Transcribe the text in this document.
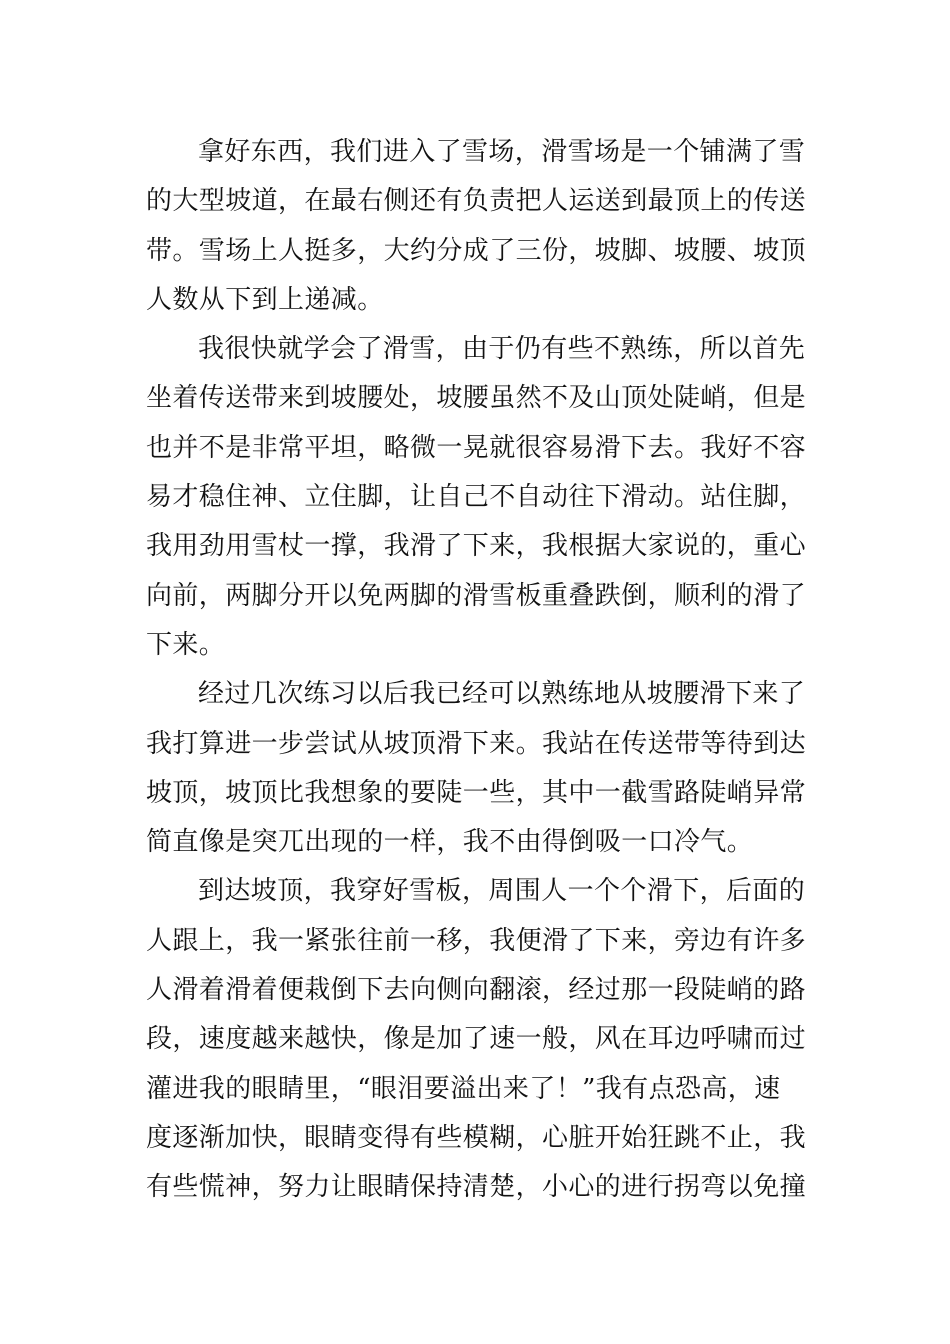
拿好东西，我们进入了雪场，滑雪场是一个铺满了雪
的大型坡道，在最右侧还有负责把人运送到最顶上的传送
带。雪场上人挺多，大约分成了三份，坡脚、坡腰、坡顶
人数从下到上递减。

我很快就学会了滑雪，由于仍有些不熟练，所以首先
坐着传送带来到坡腰处，坡腰虽然不及山顶处陡峭，但是
也并不是非常平坦，略微一晃就很容易滑下去。我好不容
易才稳住神、立住脚，让自己不自动往下滑动。站住脚，
我用劲用雪杖一撑，我滑了下来，我根据大家说的，重心
向前，两脚分开以免两脚的滑雪板重叠跌倒，顺利的滑了
下来。

经过几次练习以后我已经可以熟练地从坡腰滑下来了
我打算进一步尝试从坡顶滑下来。我站在传送带等待到达
坡顶，坡顶比我想象的要陡一些，其中一截雪路陡峭异常
简直像是突兀出现的一样，我不由得倒吸一口冷气。

到达坡顶，我穿好雪板，周围人一个个滑下，后面的
人跟上，我一紧张往前一移，我便滑了下来，旁边有许多
人滑着滑着便栽倒下去向侧向翻滚，经过那一段陡峭的路
段，速度越来越快，像是加了速一般，风在耳边呼啸而过
灌进我的眼睛里，“眼泪要溢出来了！”我有点恐高，速
度逐渐加快，眼睛变得有些模糊，心脏开始狂跳不止，我
有些慌神，努力让眼睛保持清楚，小心的进行拐弯以免撞
